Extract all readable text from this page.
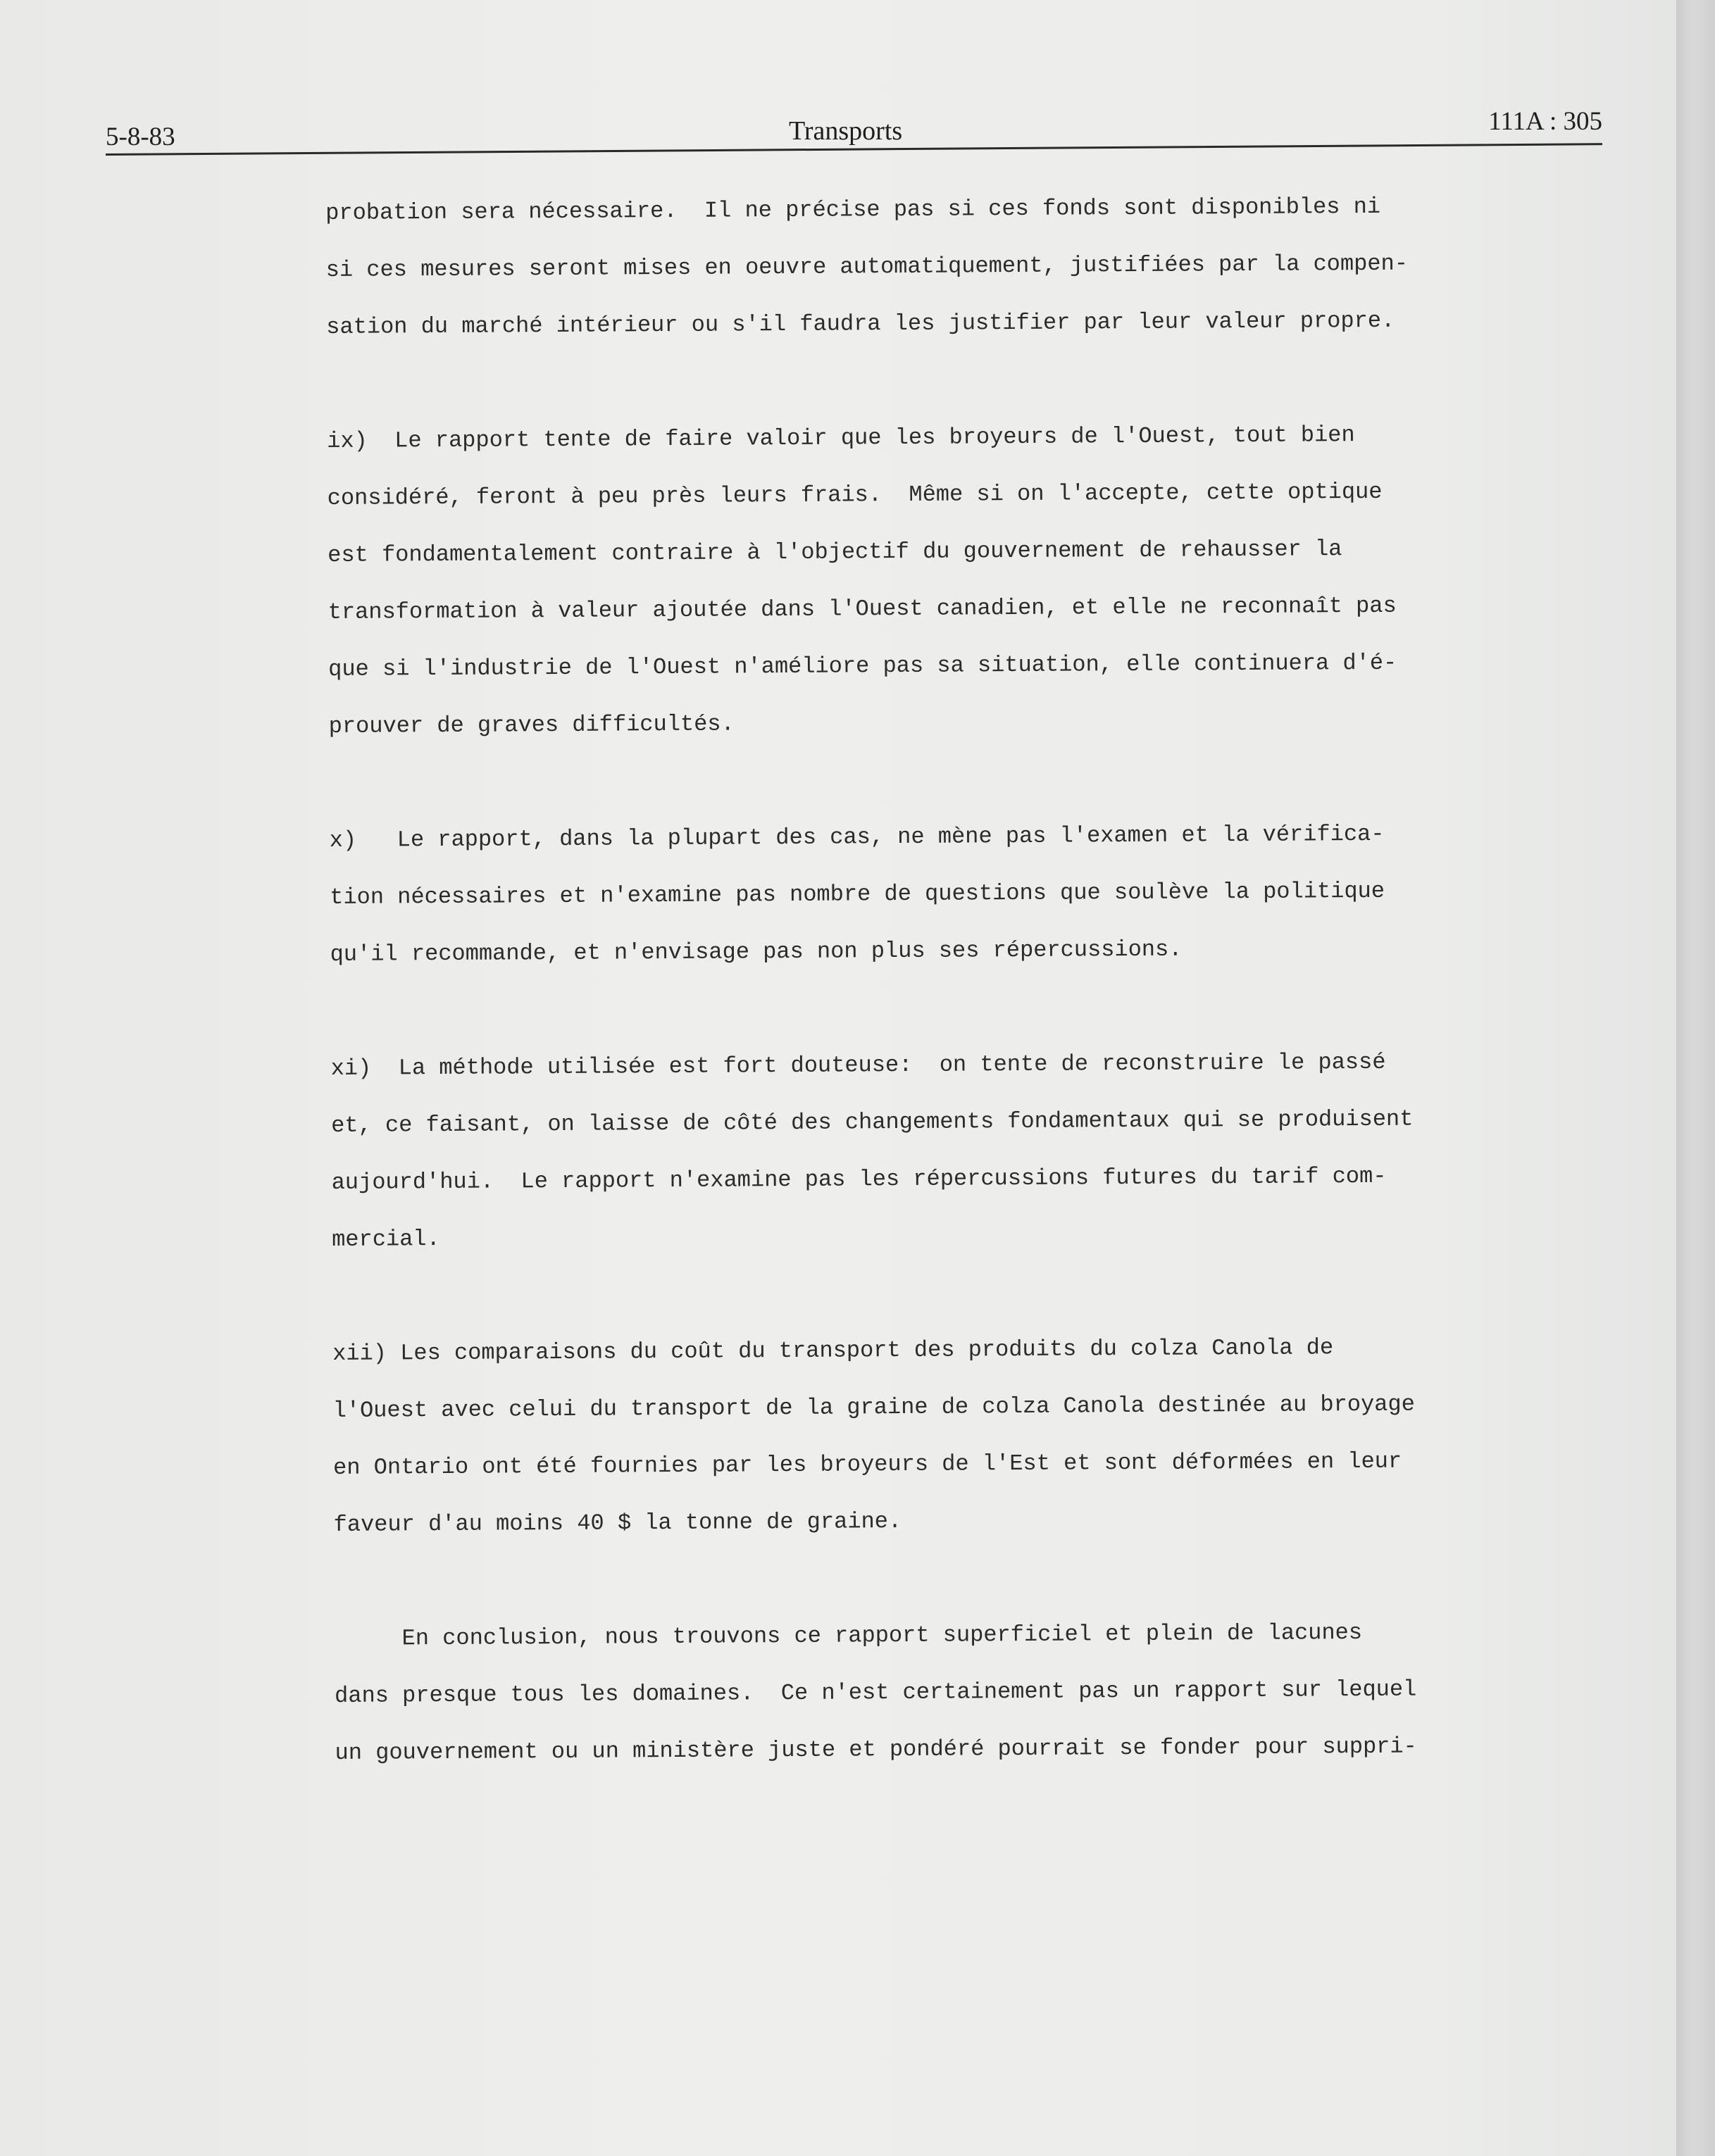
5-8-83	Transports	111A : 305
probation sera nécessaire.  Il ne précise pas si ces fonds sont disponibles ni
si ces mesures seront mises en oeuvre automatiquement, justifiées par la compen-
sation du marché intérieur ou s'il faudra les justifier par leur valeur propre.
ix)  Le rapport tente de faire valoir que les broyeurs de l'Ouest, tout bien
considéré, feront à peu près leurs frais.  Même si on l'accepte, cette optique
est fondamentalement contraire à l'objectif du gouvernement de rehausser la
transformation à valeur ajoutée dans l'Ouest canadien, et elle ne reconnaît pas
que si l'industrie de l'Ouest n'améliore pas sa situation, elle continuera d'é-
prouver de graves difficultés.
x)   Le rapport, dans la plupart des cas, ne mène pas l'examen et la vérifica-
tion nécessaires et n'examine pas nombre de questions que soulève la politique
qu'il recommande, et n'envisage pas non plus ses répercussions.
xi)  La méthode utilisée est fort douteuse:  on tente de reconstruire le passé
et, ce faisant, on laisse de côté des changements fondamentaux qui se produisent
aujourd'hui.  Le rapport n'examine pas les répercussions futures du tarif com-
mercial.
xii) Les comparaisons du coût du transport des produits du colza Canola de
l'Ouest avec celui du transport de la graine de colza Canola destinée au broyage
en Ontario ont été fournies par les broyeurs de l'Est et sont déformées en leur
faveur d'au moins 40 $ la tonne de graine.
En conclusion, nous trouvons ce rapport superficiel et plein de lacunes
dans presque tous les domaines.  Ce n'est certainement pas un rapport sur lequel
un gouvernement ou un ministère juste et pondéré pourrait se fonder pour suppri-
